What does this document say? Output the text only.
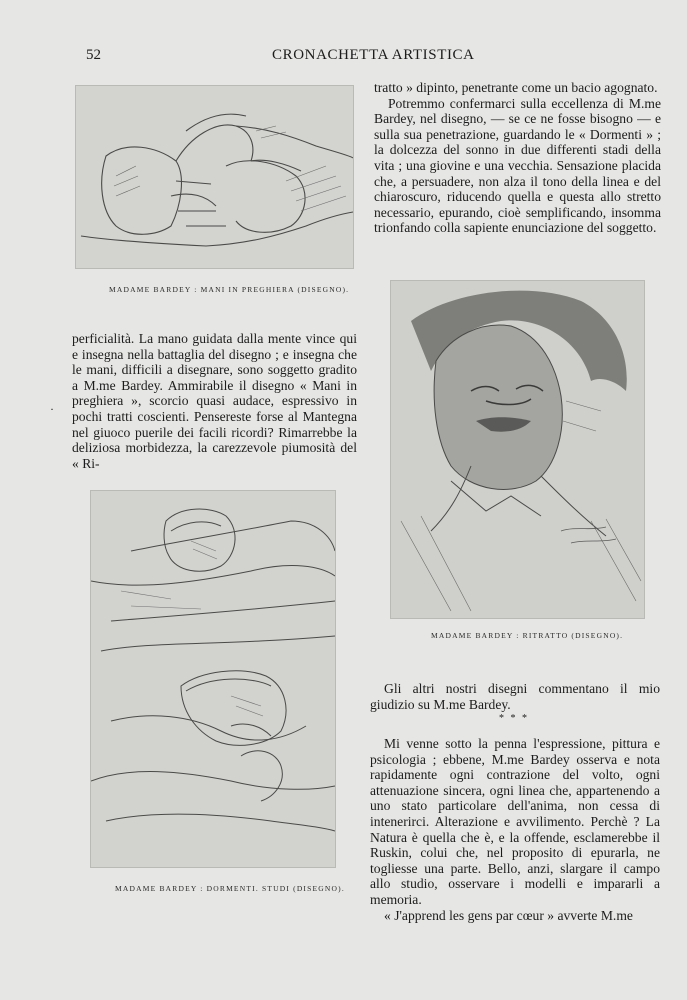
52	CRONACHETTA ARTISTICA
MADAME BARDEY : MANI IN PREGHIERA (DISEGNO).

tratto » dipinto, penetrante come un bacio agognato.

Potremmo confermarci sulla eccellenza di M.me Bardey, nel disegno, — se ce ne fosse bisogno — e sulla sua penetrazione, guardando le « Dormenti » ; la dolcezza del sonno in due differenti stadi della vita ; una giovine e una vecchia. Sensazione placida che, a persuadere, non alza il tono della linea e del chiaroscuro, riducendo quella e questa allo stretto necessario, epurando, cioè semplificando, insomma trionfando colla sapiente enunciazione del soggetto.

MADAME BARDEY : RITRATTO (DISEGNO).

perficialità. La mano guidata dalla mente vince qui e insegna nella battaglia del disegno ; e insegna che le mani, difficili a disegnare, sono soggetto gradito a M.me Bardey. Ammirabile il disegno « Mani in preghiera », scorcio quasi audace, espressivo in pochi tratti coscienti. Pensereste forse al Mantegna nel giuoco puerile dei facili ricordi? Rimarrebbe la deliziosa morbidezza, la carezzevole piumosità del « Ri-

·
MADAME BARDEY : DORMENTI. STUDI (DISEGNO).

Gli altri nostri disegni commentano il mio giudizio su M.me Bardey.

* * *

Mi venne sotto la penna l'espressione, pittura e psicologia ; ebbene, M.me Bardey osserva e nota rapidamente ogni contrazione del volto, ogni attenuazione sincera, ogni linea che, appartenendo a uno stato particolare dell'anima, non cessa di intenerirci. Alterazione e avvilimento. Perchè ? La Natura è quella che è, e la offende, esclamerebbe il Ruskin, colui che, nel proposito di epurarla, ne togliesse una parte. Bello, anzi, slargare il campo allo studio, osservare i modelli e impararli a memoria.

« J'apprend les gens par cœur » avverte M.me
